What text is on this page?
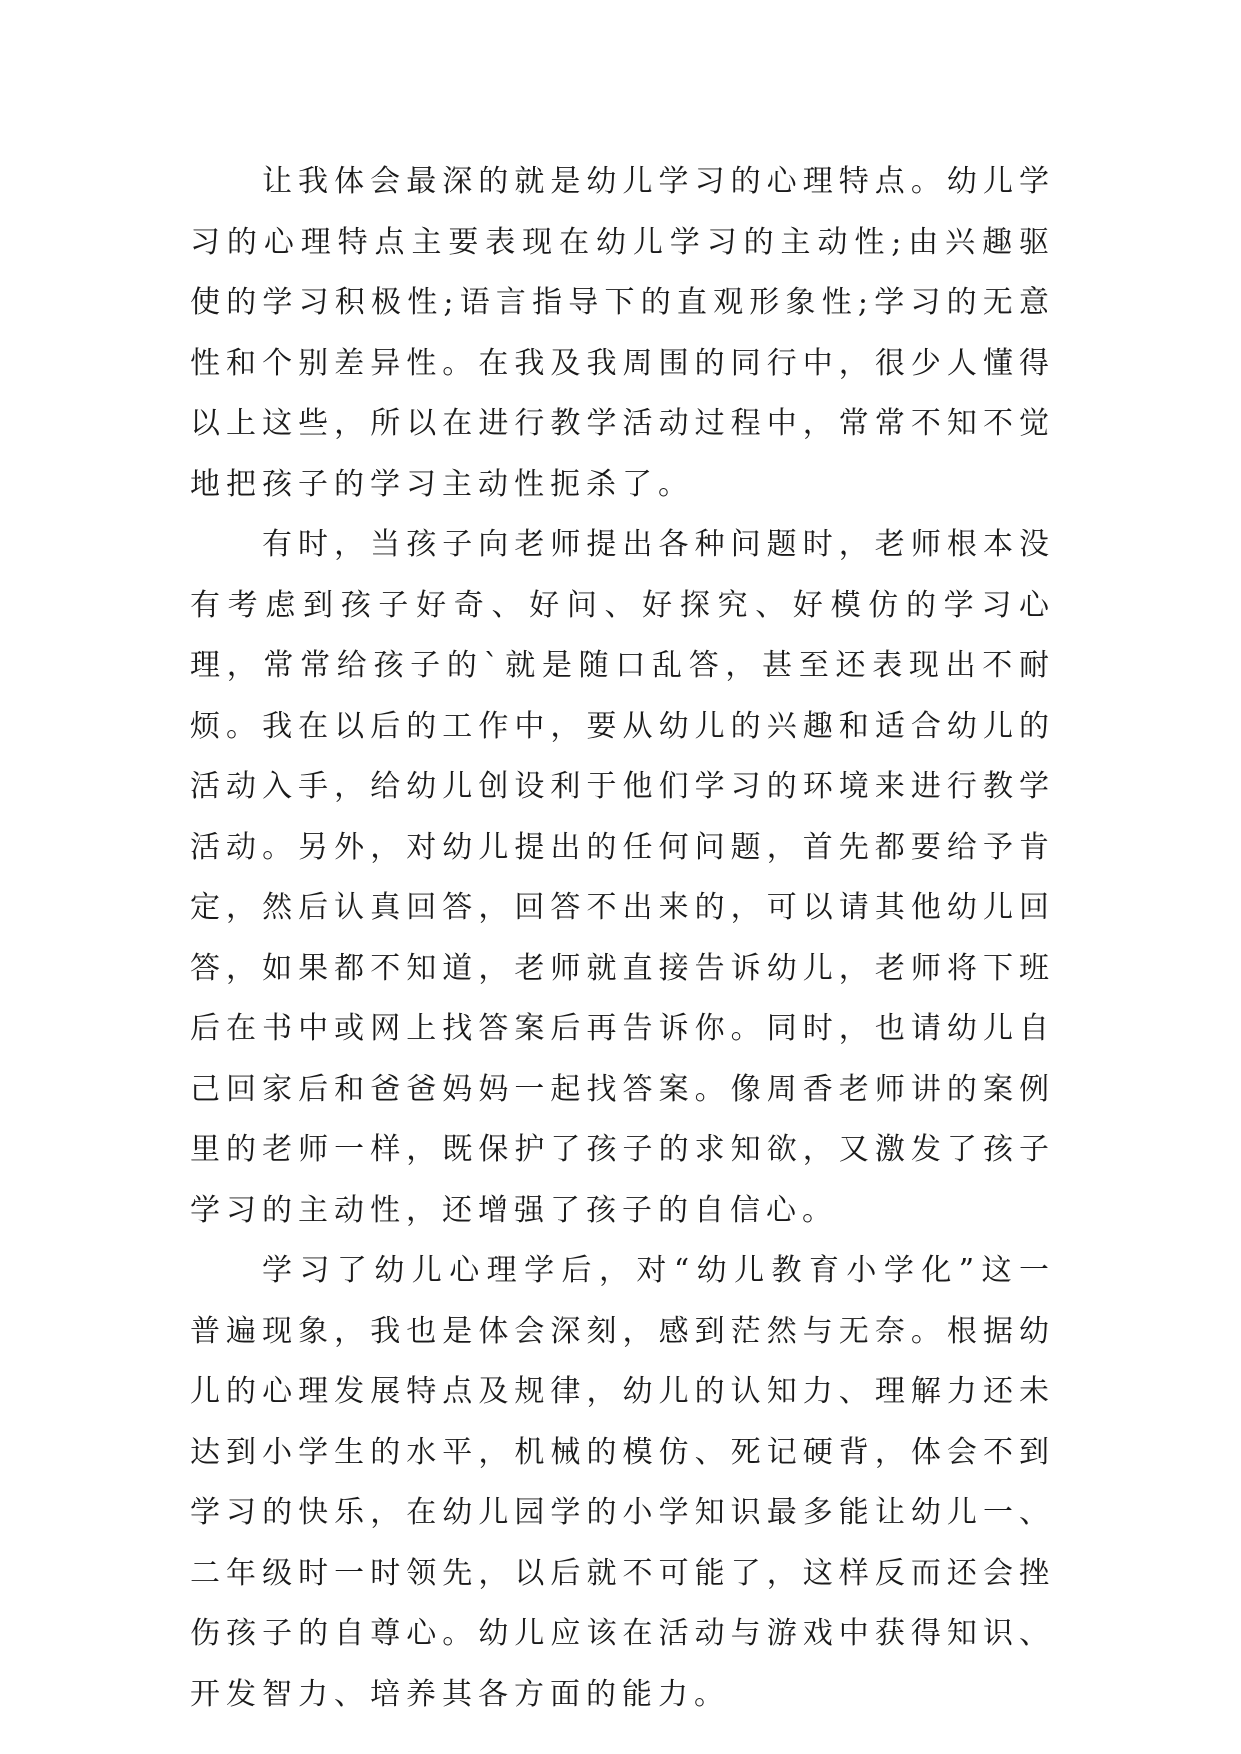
让我体会最深的就是幼儿学习的心理特点。幼儿学习的心理特点主要表现在幼儿学习的主动性;由兴趣驱使的学习积极性;语言指导下的直观形象性;学习的无意性和个别差异性。在我及我周围的同行中，很少人懂得以上这些，所以在进行教学活动过程中，常常不知不觉地把孩子的学习主动性扼杀了。

有时，当孩子向老师提出各种问题时，老师根本没有考虑到孩子好奇、好问、好探究、好模仿的学习心理，常常给孩子的`就是随口乱答，甚至还表现出不耐烦。我在以后的工作中，要从幼儿的兴趣和适合幼儿的活动入手，给幼儿创设利于他们学习的环境来进行教学活动。另外，对幼儿提出的任何问题，首先都要给予肯定，然后认真回答，回答不出来的，可以请其他幼儿回答，如果都不知道，老师就直接告诉幼儿，老师将下班后在书中或网上找答案后再告诉你。同时，也请幼儿自己回家后和爸爸妈妈一起找答案。像周香老师讲的案例里的老师一样，既保护了孩子的求知欲，又激发了孩子学习的主动性，还增强了孩子的自信心。

学习了幼儿心理学后，对“幼儿教育小学化”这一普遍现象，我也是体会深刻，感到茫然与无奈。根据幼儿的心理发展特点及规律，幼儿的认知力、理解力还未达到小学生的水平，机械的模仿、死记硬背，体会不到学习的快乐，在幼儿园学的小学知识最多能让幼儿一、二年级时一时领先，以后就不可能了，这样反而还会挫伤孩子的自尊心。幼儿应该在活动与游戏中获得知识、开发智力、培养其各方面的能力。
